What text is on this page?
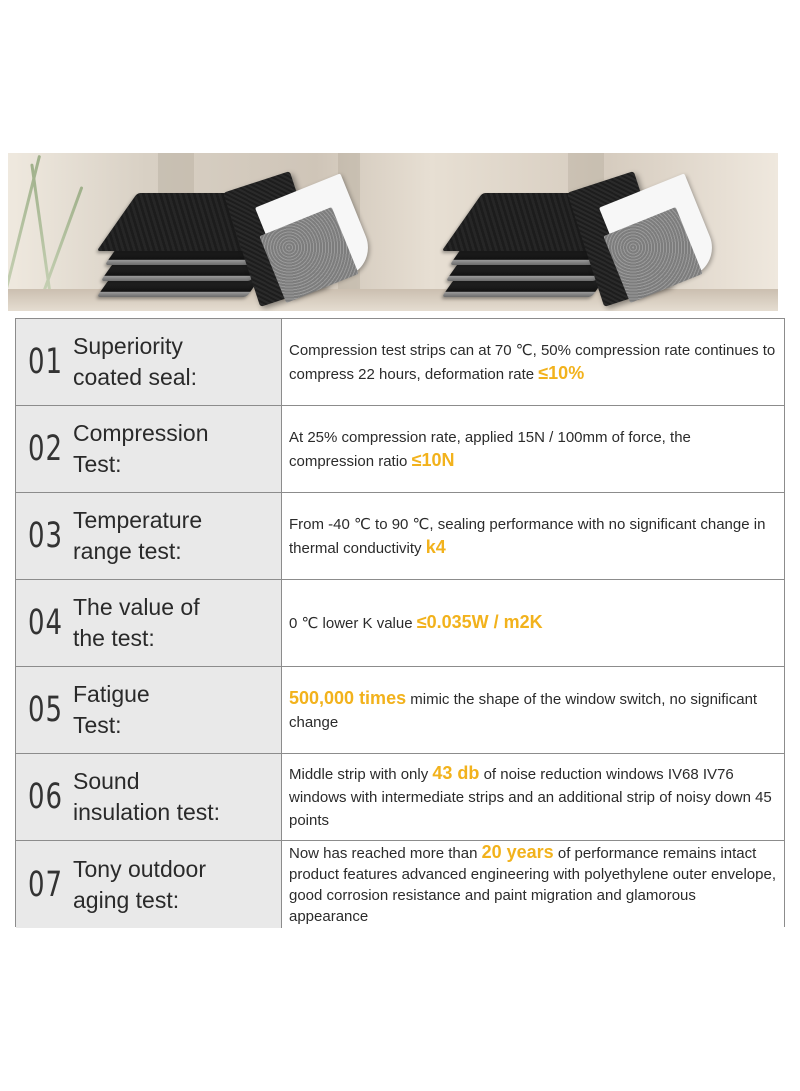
01 Superiority
coated seal:

Compression test strips can at 70 ℃, 50% compression rate continues to compress 22 hours, deformation rate ≤10%

02 Compression
Test:

At 25% compression rate, applied 15N / 100mm of force, the compression ratio ≤10N

03 Temperature
range test:

From -40 ℃ to 90 ℃, sealing performance with no significant change in thermal conductivity k4

04 The value of
the test:

0 ℃ lower K value ≤0.035W / m2K

05 Fatigue
Test:

500,000 times mimic the shape of the window switch, no significant change

06 Sound
insulation test:

Middle strip with only 43 db of noise reduction windows IV68 IV76 windows with intermediate strips and an additional strip of noisy down 45 points

07 Tony outdoor
aging test:

Now has reached more than 20 years of performance remains intact product features advanced engineering with polyethylene outer envelope, good corrosion resistance and paint migration and glamorous appearance
